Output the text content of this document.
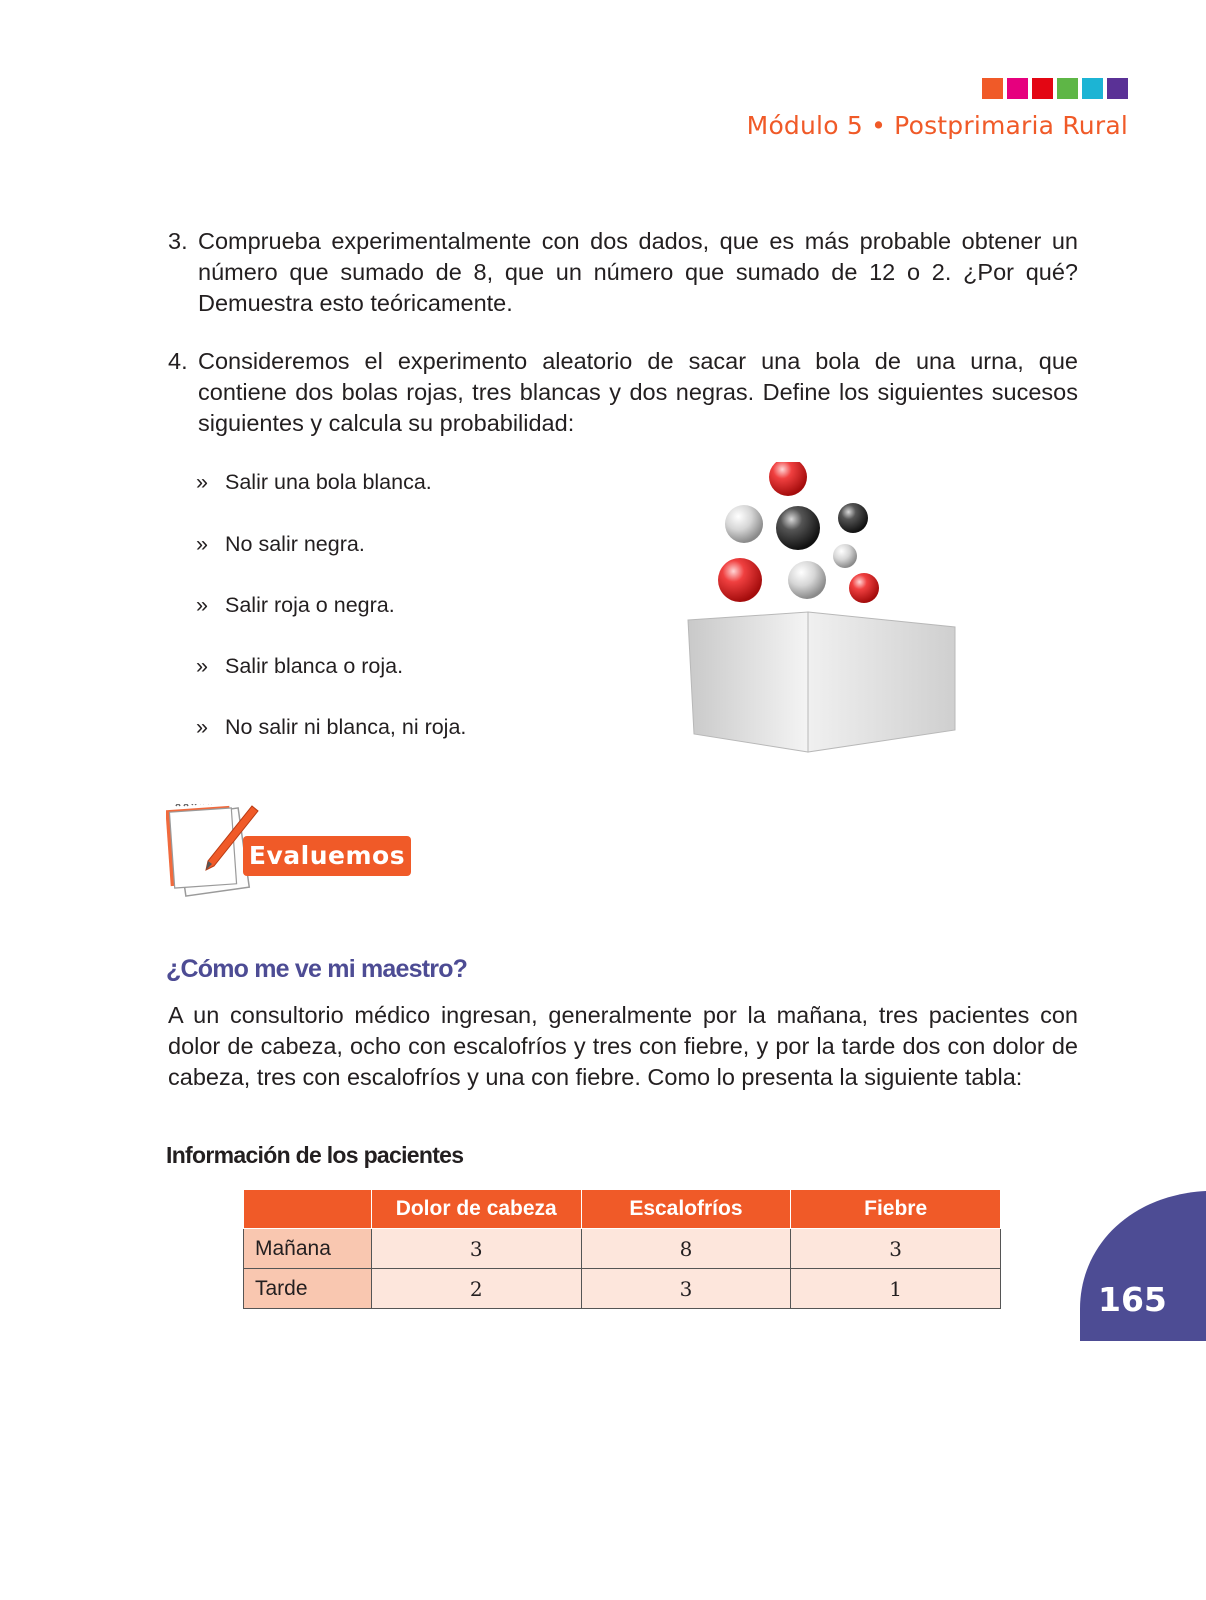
Módulo 5 • Postprimaria Rural
3. Comprueba experimentalmente con dos dados, que es más probable obtener un número que sumado de 8, que un número que sumado de 12 o 2. ¿Por qué? Demuestra esto teóricamente.
4. Consideremos el experimento aleatorio de sacar una bola de una urna, que contiene dos bolas rojas, tres blancas y dos negras. Define los siguientes sucesos siguientes y calcula su probabilidad:
» Salir una bola blanca.
» No salir negra.
» Salir roja o negra.
» Salir blanca o roja.
» No salir ni blanca, ni roja.
Evaluemos
¿Cómo me ve mi maestro?
A un consultorio médico ingresan, generalmente por la mañana, tres pacientes con dolor de cabeza, ocho con escalofríos y tres con fiebre, y por la tarde dos con dolor de cabeza, tres con escalofríos y una con fiebre. Como lo presenta la siguiente tabla:
Información de los pacientes
	Dolor de cabeza	Escalofríos	Fiebre
Mañana	3	8	3
Tarde	2	3	1	165
